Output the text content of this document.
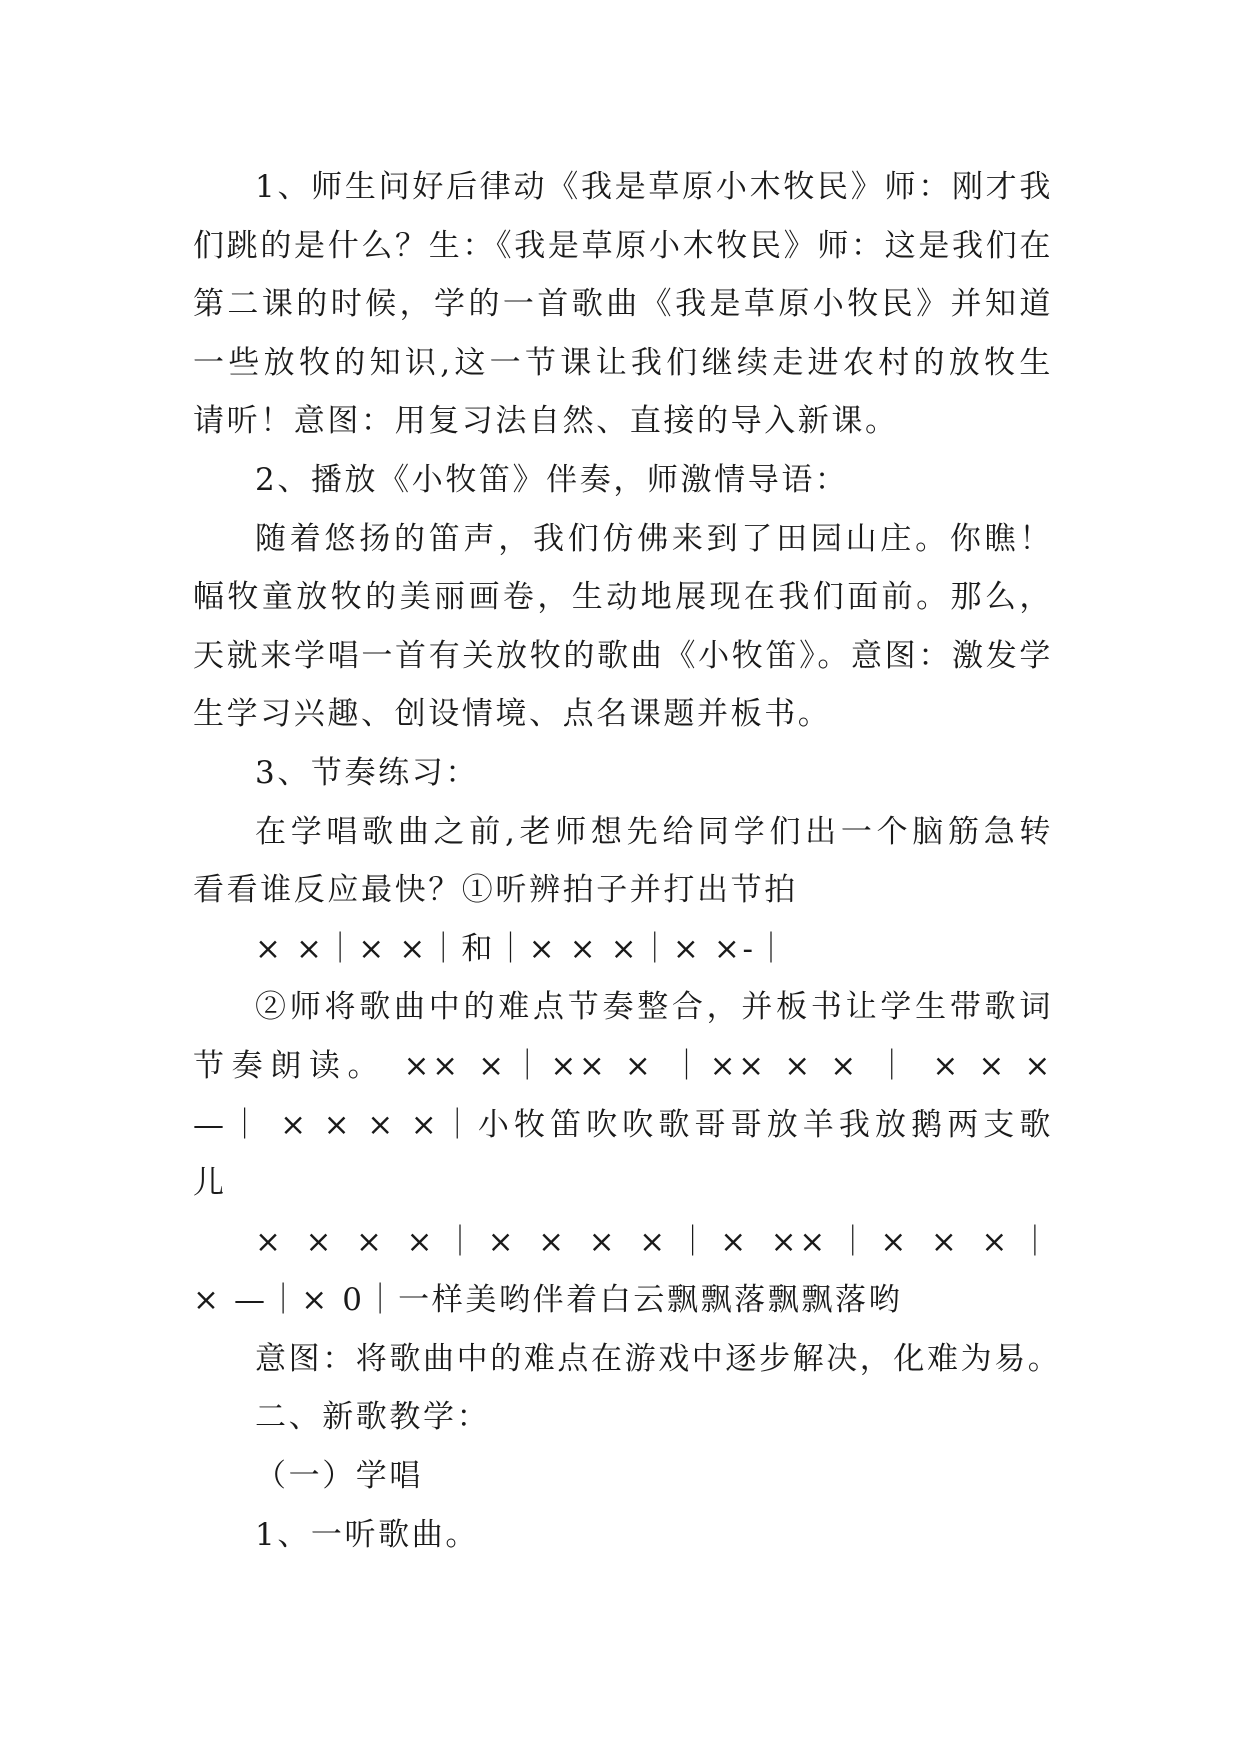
1、师生问好后律动《我是草原小木牧民》师：刚才我
们跳的是什么？生：《我是草原小木牧民》师：这是我们在
第二课的时候，学的一首歌曲《我是草原小牧民》并知道
一些放牧的知识,这一节课让我们继续走进农村的放牧生
请听！意图：用复习法自然、直接的导入新课。
2、播放《小牧笛》伴奏，师激情导语：
随着悠扬的笛声，我们仿佛来到了田园山庄。你瞧！
幅牧童放牧的美丽画卷，生动地展现在我们面前。那么，
天就来学唱一首有关放牧的歌曲《小牧笛》。意图：激发学
生学习兴趣、创设情境、点名课题并板书。
3、节奏练习：
在学唱歌曲之前,老师想先给同学们出一个脑筋急转
看看谁反应最快？①听辨拍子并打出节拍
× ×｜× ×｜和｜× × ×｜× ×-｜
②师将歌曲中的难点节奏整合，并板书让学生带歌词
节奏朗读。 ×× ×｜×× × ｜×× × × ｜ × × ×
—｜ × × × ×｜小牧笛吹吹歌哥哥放羊我放鹅两支歌
儿
× × × ×｜× × × ×｜× ××｜× × ×｜
× —｜× 0｜一样美哟伴着白云飘飘落飘飘落哟
意图：将歌曲中的难点在游戏中逐步解决，化难为易。
二、新歌教学：
（一）学唱
1、一听歌曲。
